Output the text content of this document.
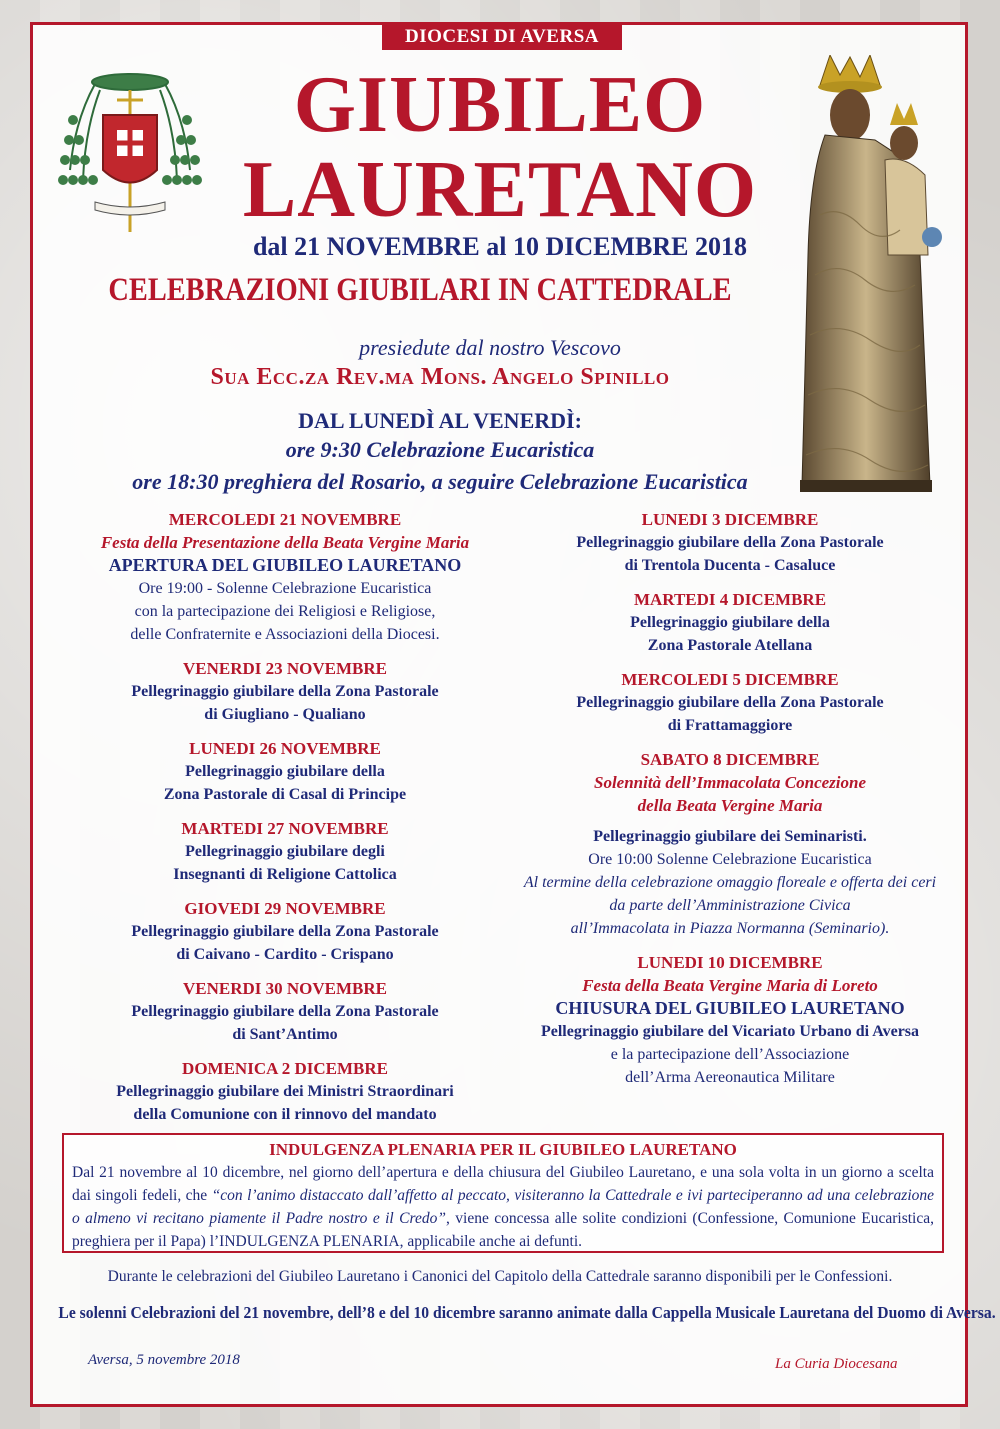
DIOCESI DI AVERSA
GIUBILEO
LAURETANO
dal 21 NOVEMBRE al 10 DICEMBRE 2018
CELEBRAZIONI GIUBILARI IN CATTEDRALE
presiedute dal nostro Vescovo
Sua Ecc.za Rev.ma Mons. Angelo Spinillo
DAL LUNEDÌ AL VENERDÌ:
ore 9:30 Celebrazione Eucaristica
ore 18:30 preghiera del Rosario, a seguire Celebrazione Eucaristica
MERCOLEDI 21 NOVEMBRE
Festa della Presentazione della Beata Vergine Maria
APERTURA DEL GIUBILEO LAURETANO
Ore 19:00 - Solenne Celebrazione Eucaristica
con la partecipazione dei Religiosi e Religiose,
delle Confraternite e Associazioni della Diocesi.
VENERDI 23 NOVEMBRE
Pellegrinaggio giubilare della Zona Pastorale
di Giugliano - Qualiano
LUNEDI 26 NOVEMBRE
Pellegrinaggio giubilare della
Zona Pastorale di Casal di Principe
MARTEDI 27 NOVEMBRE
Pellegrinaggio giubilare degli
Insegnanti di Religione Cattolica
GIOVEDI 29 NOVEMBRE
Pellegrinaggio giubilare della Zona Pastorale
di Caivano - Cardito - Crispano
VENERDI 30 NOVEMBRE
Pellegrinaggio giubilare della Zona Pastorale
di Sant’Antimo
DOMENICA 2 DICEMBRE
Pellegrinaggio giubilare dei Ministri Straordinari
della Comunione con il rinnovo del mandato
LUNEDI 3 DICEMBRE
Pellegrinaggio giubilare della Zona Pastorale
di Trentola Ducenta - Casaluce
MARTEDI 4 DICEMBRE
Pellegrinaggio giubilare della
Zona Pastorale Atellana
MERCOLEDI 5 DICEMBRE
Pellegrinaggio giubilare della Zona Pastorale
di Frattamaggiore
SABATO 8 DICEMBRE
Solennità dell’Immacolata Concezione
della Beata Vergine Maria
Pellegrinaggio giubilare dei Seminaristi.
Ore 10:00 Solenne Celebrazione Eucaristica
Al termine della celebrazione omaggio floreale e offerta dei ceri
da parte dell’Amministrazione Civica
all’Immacolata in Piazza Normanna (Seminario).
LUNEDI 10 DICEMBRE
Festa della Beata Vergine Maria di Loreto
CHIUSURA DEL GIUBILEO LAURETANO
Pellegrinaggio giubilare del Vicariato Urbano di Aversa
e la partecipazione dell’Associazione
dell’Arma Aereonautica Militare
INDULGENZA PLENARIA PER IL GIUBILEO LAURETANO
Dal 21 novembre al 10 dicembre, nel giorno dell’apertura e della chiusura del Giubileo Lauretano, e una sola volta in un giorno a scelta dai singoli fedeli, che “con l’animo distaccato dall’affetto al peccato, visiteranno la Cattedrale e ivi parteciperanno ad una celebrazione o almeno vi recitano piamente il Padre nostro e il Credo”, viene concessa alle solite condizioni (Confessione, Comunione Eucaristica, preghiera per il Papa) l’INDULGENZA PLENARIA, applicabile anche ai defunti.
Durante le celebrazioni del Giubileo Lauretano i Canonici del Capitolo della Cattedrale saranno disponibili per le Confessioni.
Le solenni Celebrazioni del 21 novembre, dell’8 e del 10 dicembre saranno animate dalla Cappella Musicale Lauretana del Duomo di Aversa.
Aversa, 5 novembre 2018	La Curia Diocesana
